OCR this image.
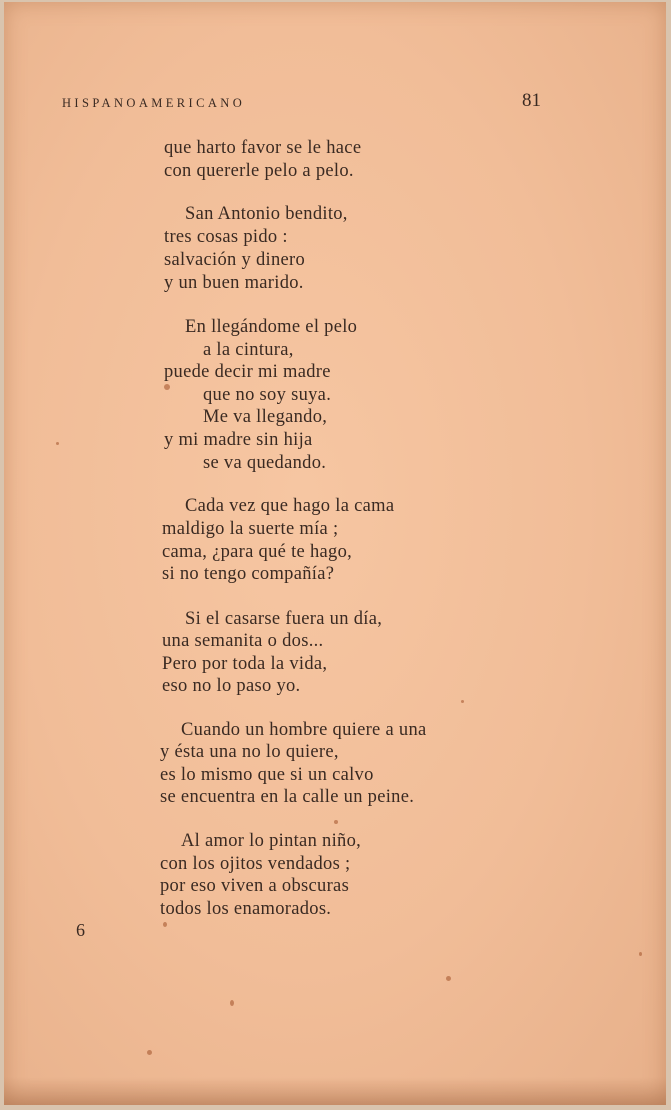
HISPANOAMERICANO	81
que harto favor se le hace
con quererle pelo a pelo.
San Antonio bendito,
tres cosas pido :
salvación y dinero
y un buen marido.
En llegándome el pelo
a la cintura,
puede decir mi madre
que no soy suya.
Me va llegando,
y mi madre sin hija
se va quedando.
Cada vez que hago la cama
maldigo la suerte mía ;
cama, ¿para qué te hago,
si no tengo compañía?
Si el casarse fuera un día,
una semanita o dos...
Pero por toda la vida,
eso no lo paso yo.
Cuando un hombre quiere a una
y ésta una no lo quiere,
es lo mismo que si un calvo
se encuentra en la calle un peine.
Al amor lo pintan niño,
con los ojitos vendados ;
por eso viven a obscuras
todos los enamorados.
6
